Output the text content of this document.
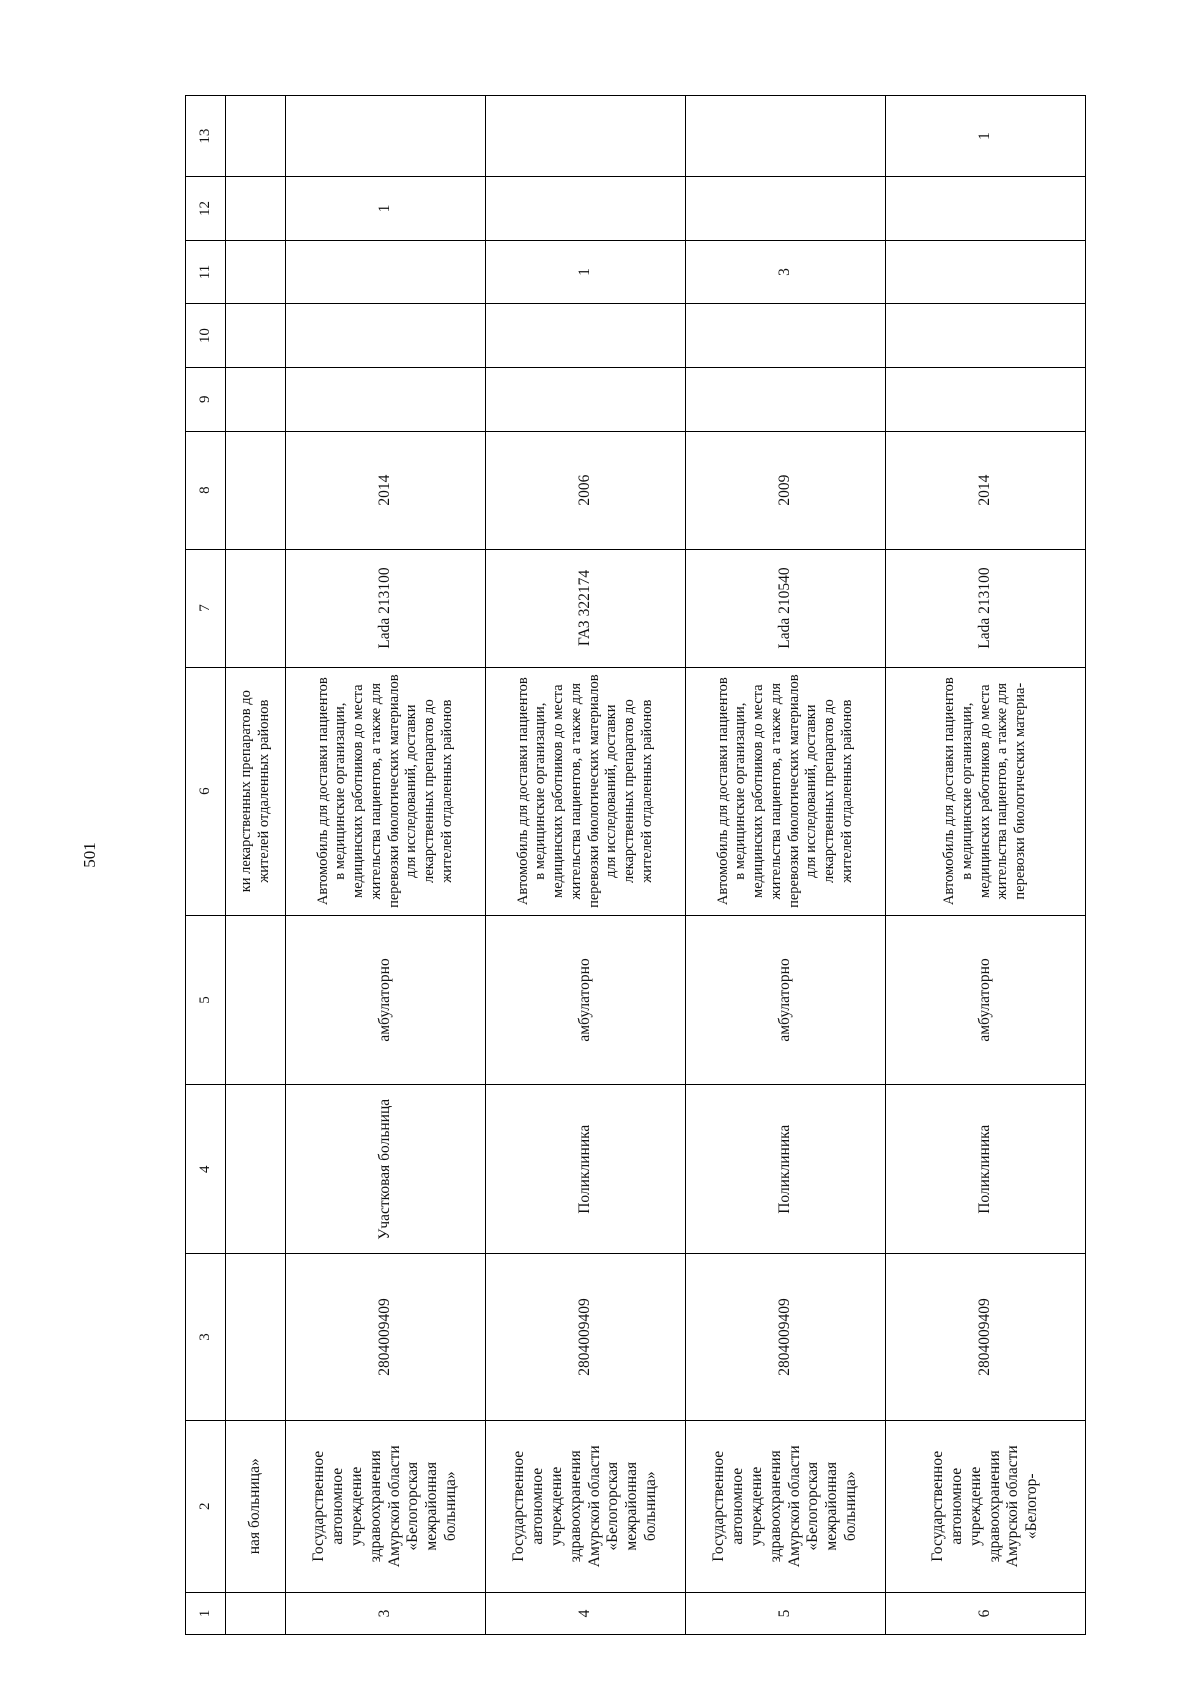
501
1	2	3	4	5	6	7	8	9	10	11	12	13
	ная больница»				ки лекарственных препаратов до жителей отдаленных районов							
3	Государственное автономное учреждение здравоохранения Амурской области «Белогорская межрайонная больница»	2804009409	Участковая больница	амбулаторно	Автомобиль для доставки пациентов в медицинские организации, медицинских работников до места жительства пациентов, а также для перевозки биологических материалов для исследований, доставки лекарственных препаратов до жителей отдаленных районов	Lada 213100	2014				1	
4	Государственное автономное учреждение здравоохранения Амурской области «Белогорская межрайонная больница»	2804009409	Поликлиника	амбулаторно	Автомобиль для доставки пациентов в медицинские организации, медицинских работников до места жительства пациентов, а также для перевозки биологических материалов для исследований, доставки лекарственных препаратов до жителей отдаленных районов	ГАЗ 322174	2006			1		
5	Государственное автономное учреждение здравоохранения Амурской области «Белогорская межрайонная больница»	2804009409	Поликлиника	амбулаторно	Автомобиль для доставки пациентов в медицинские организации, медицинских работников до места жительства пациентов, а также для перевозки биологических материалов для исследований, доставки лекарственных препаратов до жителей отдаленных районов	Lada 210540	2009			3		
6	Государственное автономное учреждение здравоохранения Амурской области «Белогор-	2804009409	Поликлиника	амбулаторно	Автомобиль для доставки пациентов в медицинские организации, медицинских работников до места жительства пациентов, а также для перевозки биологических материа-	Lada 213100	2014					1
